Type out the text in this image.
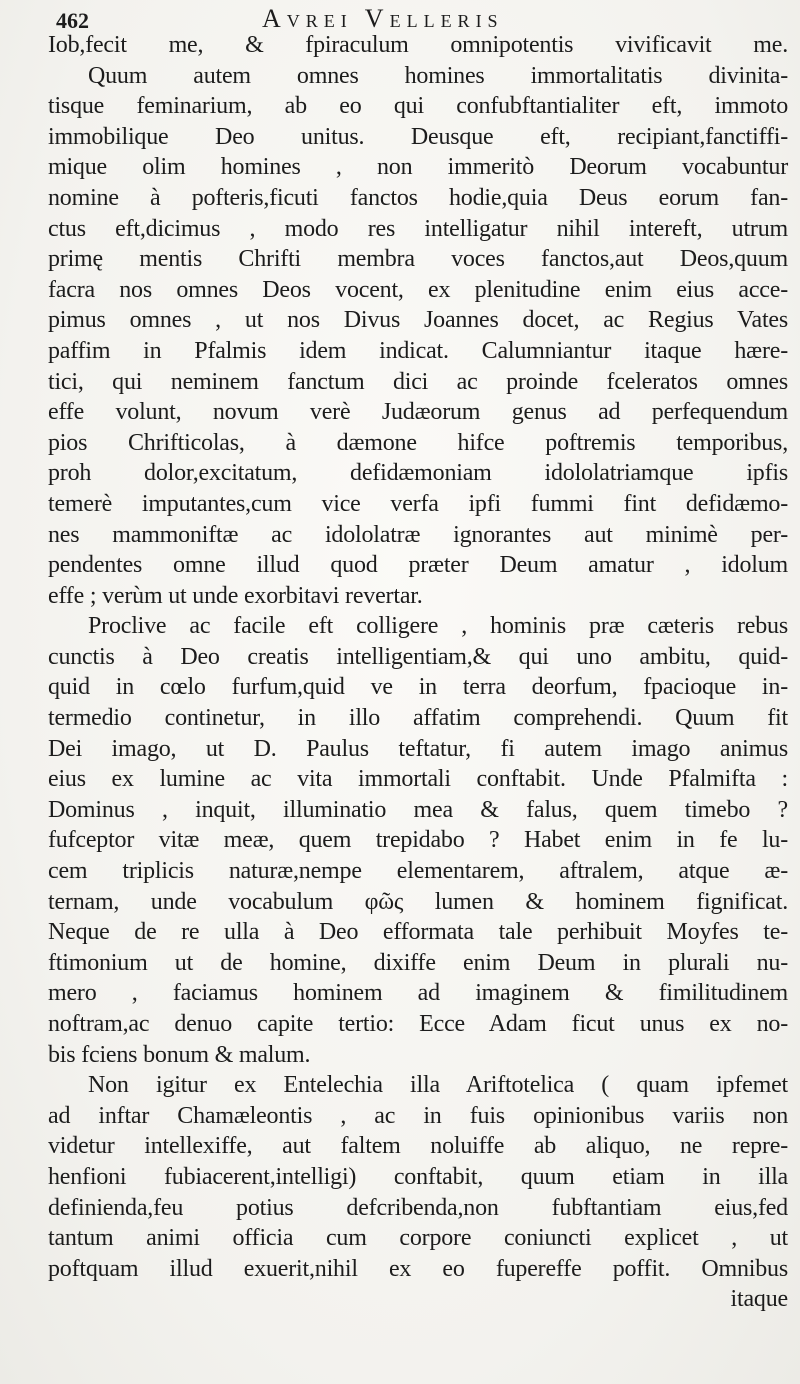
462	Avrei Velleris
Iob,fecit me, & fpiraculum omnipotentis vivificavit me.
Quum autem omnes homines immortalitatis divinita-
tisque feminarium, ab eo qui confubftantialiter eft, immoto
immobilique Deo unitus. Deusque eft, recipiant,fanctiffi-
mique olim homines , non immeritò Deorum vocabuntur
nomine à pofteris,ficuti fanctos hodie,quia Deus eorum fan-
ctus eft,dicimus , modo res intelligatur nihil intereft, utrum
primę mentis Chrifti membra voces fanctos,aut Deos,quum
facra nos omnes Deos vocent, ex plenitudine enim eius acce-
pimus omnes , ut nos Divus Joannes docet, ac Regius Vates
paffim in Pfalmis idem indicat. Calumniantur itaque hære-
tici, qui neminem fanctum dici ac proinde fceleratos omnes
effe volunt, novum verè Judæorum genus ad perfequendum
pios Chrifticolas, à dæmone hifce poftremis temporibus,
proh dolor,excitatum, defidæmoniam idololatriamque ipfis
temerè imputantes,cum vice verfa ipfi fummi fint defidæmo-
nes mammoniftæ ac idololatræ ignorantes aut minimè per-
pendentes omne illud quod præter Deum amatur , idolum
effe ; verùm ut unde exorbitavi revertar.
Proclive ac facile eft colligere , hominis præ cæteris rebus
cunctis à Deo creatis intelligentiam,& qui uno ambitu, quid-
quid in cœlo furfum,quid ve in terra deorfum, fpacioque in-
termedio continetur, in illo affatim comprehendi. Quum fit
Dei imago, ut D. Paulus teftatur, fi autem imago animus
eius ex lumine ac vita immortali conftabit. Unde Pfalmifta :
Dominus , inquit, illuminatio mea & falus, quem timebo ?
fufceptor vitæ meæ, quem trepidabo ? Habet enim in fe lu-
cem triplicis naturæ,nempe elementarem, aftralem, atque æ-
ternam, unde vocabulum φῶς lumen & hominem fignificat.
Neque de re ulla à Deo efformata tale perhibuit Moyfes te-
ftimonium ut de homine, dixiffe enim Deum in plurali nu-
mero , faciamus hominem ad imaginem & fimilitudinem
noftram,ac denuo capite tertio: Ecce Adam ficut unus ex no-
bis fciens bonum & malum.
Non igitur ex Entelechia illa Ariftotelica ( quam ipfemet
ad inftar Chamæleontis , ac in fuis opinionibus variis non
videtur intellexiffe, aut faltem noluiffe ab aliquo, ne repre-
henfioni fubiacerent,intelligi) conftabit, quum etiam in illa
definienda,feu potius defcribenda,non fubftantiam eius,fed
tantum animi officia cum corpore coniuncti explicet , ut
poftquam illud exuerit,nihil ex eo fupereffe poffit. Omnibus
itaque
